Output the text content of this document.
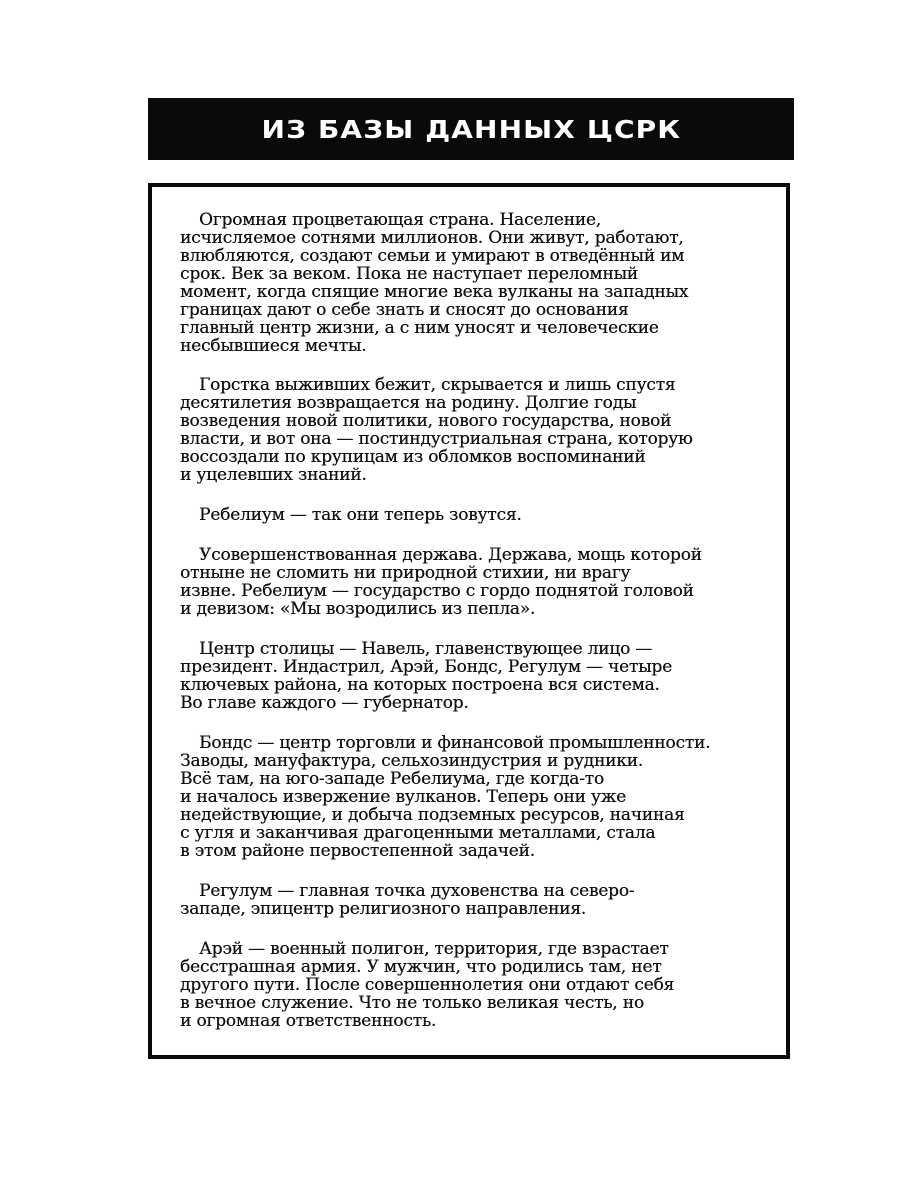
ИЗ БАЗЫ ДАННЫХ ЦСРК

Огромная процветающая страна. Население,
исчисляемое сотнями миллионов. Они живут, работают,
влюбляются, создают семьи и умирают в отведённый им
срок. Век за веком. Пока не наступает переломный
момент, когда спящие многие века вулканы на западных
границах дают о себе знать и сносят до основания
главный центр жизни, а с ним уносят и человеческие
несбывшиеся мечты.

Горстка выживших бежит, скрывается и лишь спустя
десятилетия возвращается на родину. Долгие годы
возведения новой политики, нового государства, новой
власти, и вот она — постиндустриальная страна, которую
воссоздали по крупицам из обломков воспоминаний
и уцелевших знаний.

Ребелиум — так они теперь зовутся.

Усовершенствованная держава. Держава, мощь которой
отныне не сломить ни природной стихии, ни врагу
извне. Ребелиум — государство с гордо поднятой головой
и девизом: «Мы возродились из пепла».

Центр столицы — Навель, главенствующее лицо —
президент. Индастрил, Арэй, Бондс, Регулум — четыре
ключевых района, на которых построена вся система.
Во главе каждого — губернатор.

Бондс — центр торговли и финансовой промышленности.
Заводы, мануфактура, сельхозиндустрия и рудники.
Всё там, на юго-западе Ребелиума, где когда-то
и началось извержение вулканов. Теперь они уже
недействующие, и добыча подземных ресурсов, начиная
с угля и заканчивая драгоценными металлами, стала
в этом районе первостепенной задачей.

Регулум — главная точка духовенства на северо-
западе, эпицентр религиозного направления.

Арэй — военный полигон, территория, где взрастает
бесстрашная армия. У мужчин, что родились там, нет
другого пути. После совершеннолетия они отдают себя
в вечное служение. Что не только великая честь, но
и огромная ответственность.
